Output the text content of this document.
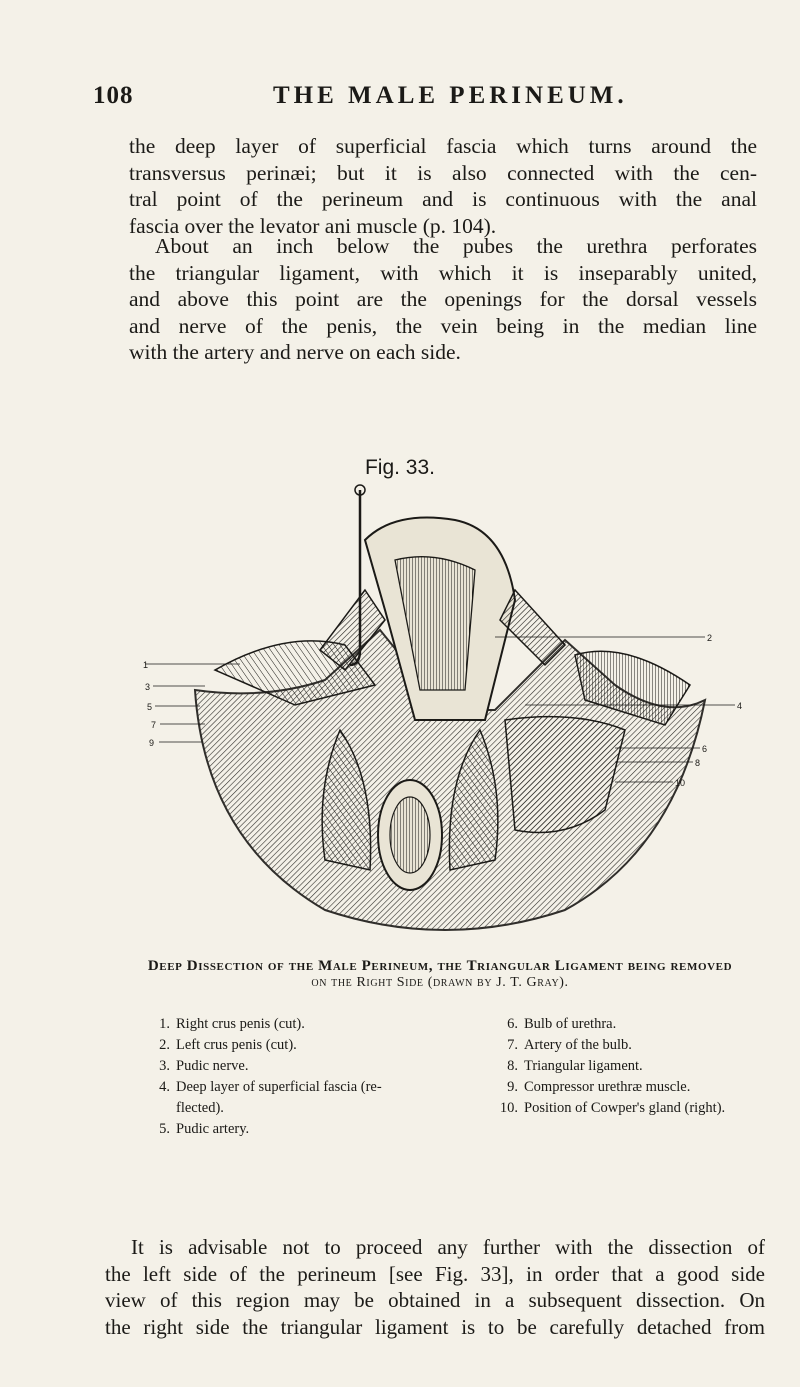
108	THE MALE PERINEUM.
the deep layer of superficial fascia which turns around the
transversus perinæi; but it is also connected with the cen-
tral point of the perineum and is continuous with the anal
fascia over the levator ani muscle (p. 104).
About an inch below the pubes the urethra perforates
the triangular ligament, with which it is inseparably united,
and above this point are the openings for the dorsal vessels
and nerve of the penis, the vein being in the median line
with the artery and nerve on each side.
Fig. 33.
1
2
3
4
5
6
7
8
9
10
Deep Dissection of the Male Perineum, the Triangular Ligament being removed
on the Right Side (drawn by J. T. Gray).
1. Right crus penis (cut).
2. Left crus penis (cut).
3. Pudic nerve.
4. Deep layer of superficial fascia (re-
flected).
5. Pudic artery.
6. Bulb of urethra.
7. Artery of the bulb.
8. Triangular ligament.
9. Compressor urethræ muscle.
10. Position of Cowper's gland (right).
It is advisable not to proceed any further with the dissection of
the left side of the perineum [see Fig. 33], in order that a good side
view of this region may be obtained in a subsequent dissection. On
the right side the triangular ligament is to be carefully detached from
